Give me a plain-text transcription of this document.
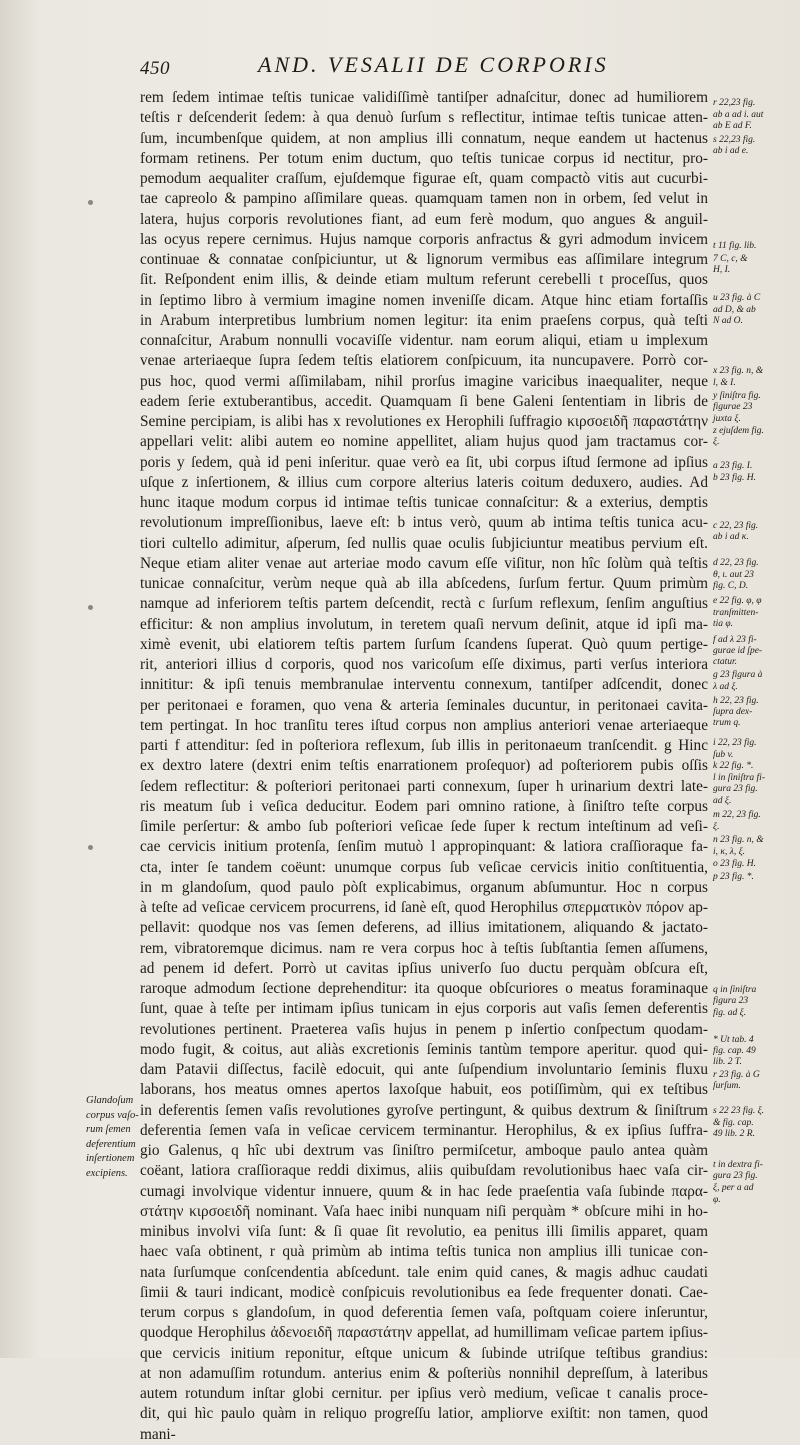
450	AND. VESALII DE CORPORIS
rem ſedem intimae teſtis tunicae validiſſimè tantiſper adnaſcitur, donec ad humiliorem
teſtis r deſcenderit ſedem: à qua denuò ſurſum s reflectitur, intimae teſtis tunicae atten-
ſum, incumbenſque quidem, at non amplius illi connatum, neque eandem ut hactenus
formam retinens. Per totum enim ductum, quo teſtis tunicae corpus id nectitur, pro-
pemodum aequaliter craſſum, ejuſdemque figurae eſt, quam compactò vitis aut cucurbi-
tae capreolo & pampino aſſimilare queas. quamquam tamen non in orbem, ſed velut in
latera, hujus corporis revolutiones fiant, ad eum ferè modum, quo angues & anguil-
las ocyus repere cernimus. Hujus namque corporis anfractus & gyri admodum invicem
continuae & connatae conſpiciuntur, ut & lignorum vermibus eas aſſimilare integrum
ſit. Reſpondent enim illis, & deinde etiam multum referunt cerebelli t proceſſus, quos
in ſeptimo libro à vermium imagine nomen inveniſſe dicam. Atque hinc etiam fortaſſis
in Arabum interpretibus lumbrium nomen legitur: ita enim praeſens corpus, quà teſti
connaſcitur, Arabum nonnulli vocaviſſe videntur. nam eorum aliqui, etiam u implexum
venae arteriaeque ſupra ſedem teſtis elatiorem conſpicuum, ita nuncupavere. Porrò cor-
pus hoc, quod vermi aſſimilabam, nihil prorſus imagine varicibus inaequaliter, neque
eadem ſerie extuberantibus, accedit. Quamquam ſi bene Galeni ſententiam in libris de
Semine percipiam, is alibi has x revolutiones ex Herophili ſuffragio κιρσοειδῆ παραστάτην
appellari velit: alibi autem eo nomine appellitet, aliam hujus quod jam tractamus cor-
poris y ſedem, quà id peni inſeritur. quae verò ea ſit, ubi corpus iſtud ſermone ad ipſius
uſque z inſertionem, & illius cum corpore alterius lateris coitum deduxero, audies. Ad
hunc itaque modum corpus id intimae teſtis tunicae connaſcitur: & a exterius, demptis
revolutionum impreſſionibus, laeve eſt: b intus verò, quum ab intima teſtis tunica acu-
tiori cultello adimitur, aſperum, ſed nullis quae oculis ſubjiciuntur meatibus pervium eſt.
Neque etiam aliter venae aut arteriae modo cavum eſſe viſitur, non hîc ſolùm quà teſtis
tunicae connaſcitur, verùm neque quà ab illa abſcedens, ſurſum fertur. Quum primùm
namque ad inferiorem teſtis partem deſcendit, rectà c ſurſum reflexum, ſenſim anguſtius
efficitur: & non amplius involutum, in teretem quaſi nervum deſinit, atque id ipſi ma-
ximè evenit, ubi elatiorem teſtis partem ſurſum ſcandens ſuperat. Quò quum pertige-
rit, anteriori illius d corporis, quod nos varicoſum eſſe diximus, parti verſus interiora
innititur: & ipſi tenuis membranulae interventu connexum, tantiſper adſcendit, donec
per peritonaei e foramen, quo vena & arteria ſeminales ducuntur, in peritonaei cavita-
tem pertingat. In hoc tranſitu teres iſtud corpus non amplius anteriori venae arteriaeque
parti f attenditur: ſed in poſteriora reflexum, ſub illis in peritonaeum tranſcendit. g Hinc
ex dextro latere (dextri enim teſtis enarrationem proſequor) ad poſteriorem pubis oſſis
ſedem reflectitur: & poſteriori peritonaei parti connexum, ſuper h urinarium dextri late-
ris meatum ſub i veſica deducitur. Eodem pari omnino ratione, à ſiniſtro teſte corpus
ſimile perſertur: & ambo ſub poſteriori veſicae ſede ſuper k rectum inteſtinum ad veſi-
cae cervicis initium protenſa, ſenſim mutuò l appropinquant: & latiora craſſioraque fa-
cta, inter ſe tandem coëunt: unumque corpus ſub veſicae cervicis initio conſtituentia,
in m glandoſum, quod paulo pòſt explicabimus, organum abſumuntur. Hoc n corpus
à teſte ad veſicae cervicem procurrens, id ſanè eſt, quod Herophilus σπερματικὸν πόρον ap-
pellavit: quodque nos vas ſemen deferens, ad illius imitationem, aliquando & jactato-
rem, vibratoremque dicimus. nam re vera corpus hoc à teſtis ſubſtantia ſemen aſſumens,
ad penem id defert. Porrò ut cavitas ipſius univerſo ſuo ductu perquàm obſcura eſt,
raroque admodum ſectione deprehenditur: ita quoque obſcuriores o meatus foraminaque
ſunt, quae à teſte per intimam ipſius tunicam in ejus corporis aut vaſis ſemen deferentis
revolutiones pertinent. Praeterea vaſis hujus in penem p inſertio conſpectum quodam-
modo fugit, & coitus, aut aliàs excretionis ſeminis tantùm tempore aperitur. quod qui-
dam Patavii diſſectus, facilè edocuit, qui ante ſuſpendium involuntario ſeminis fluxu
laborans, hos meatus omnes apertos laxoſque habuit, eos potiſſimùm, qui ex teſtibus
in deferentis ſemen vaſis revolutiones gyroſve pertingunt, & quibus dextrum & ſiniſtrum
deferentia ſemen vaſa in veſicae cervicem terminantur. Herophilus, & ex ipſius ſuffra-
gio Galenus, q hîc ubi dextrum vas ſiniſtro permiſcetur, amboque paulo antea quàm
coëant, latiora craſſioraque reddi diximus, aliis quibuſdam revolutionibus haec vaſa cir-
cumagi involvique videntur innuere, quum & in hac ſede praeſentia vaſa ſubinde παρα-
στάτην κιρσοειδῆ nominant. Vaſa haec inibi nunquam niſi perquàm * obſcure mihi in ho-
minibus involvi viſa ſunt: & ſi quae ſit revolutio, ea penitus illi ſimilis apparet, quam
haec vaſa obtinent, r quà primùm ab intima teſtis tunica non amplius illi tunicae con-
nata ſurſumque conſcendentia abſcedunt. tale enim quid canes, & magis adhuc caudati
ſimii & tauri indicant, modicè conſpicuis revolutionibus ea ſede frequenter donati. Cae-
terum corpus s glandoſum, in quod deferentia ſemen vaſa, poſtquam coiere inſeruntur,
quodque Herophilus ἀδενοειδῆ παραστάτην appellat, ad humillimam veſicae partem ipſius-
que cervicis initium reponitur, eſtque unicum & ſubinde utriſque teſtibus grandius:
at non adamuſſim rotundum. anterius enim & poſteriùs nonnihil depreſſum, à lateribus
autem rotundum inſtar globi cernitur. per ipſius verò medium, veſicae t canalis proce-
dit, qui hìc paulo quàm in reliquo progreſſu latior, ampliorve exiſtit: non tamen, quod
mani-
r 22,23 fig.
ab a ad i. aut
ab E ad F.
s 22,23 fig.
ab i ad e.
t 11 fig. lib.
7 C, c, &
H, I.
u 23 fig. à C
ad D, & ab
N ad O.
x 23 fig. n, &
l, & I.
y ſiniſtra fig.
figurae 23
juxta ξ.
z ejuſdem fig.
ξ.
a 23 fig. I.
b 23 fig. H.
c 22, 23 fig.
ab i ad κ.
d 22, 23 fig.
θ, ι. aut 23
fig. C, D.
e 22 fig. φ, φ
tranſmitten-
tia φ.
f ad λ 23 fi-
gurae id ſpe-
ctatur.
g 23 figura à
λ ad ξ.
h 22, 23 fig.
ſupra dex-
trum q.
i 22, 23 fig.
ſub v.
k 22 fig. *.
l in ſiniſtra fi-
gura 23 fig.
ad ξ.
m 22, 23 fig.
ξ.
n 23 fig. n, &
i, κ, λ, ξ.
o 23 fig. H.
p 23 fig. *.
q in ſiniſtra
figura 23
fig. ad ξ.
* Ut tab. 4
fig. cap. 49
lib. 2 T.
r 23 fig. à G
ſurſum.
s 22 23 fig. ξ.
& fig. cap.
49 lib. 2 R.
t in dextra fi-
gura 23 fig.
ξ, per a ad
φ.
Glandoſum
corpus vaſo-
rum ſemen
deferentium
inſertionem
excipiens.
